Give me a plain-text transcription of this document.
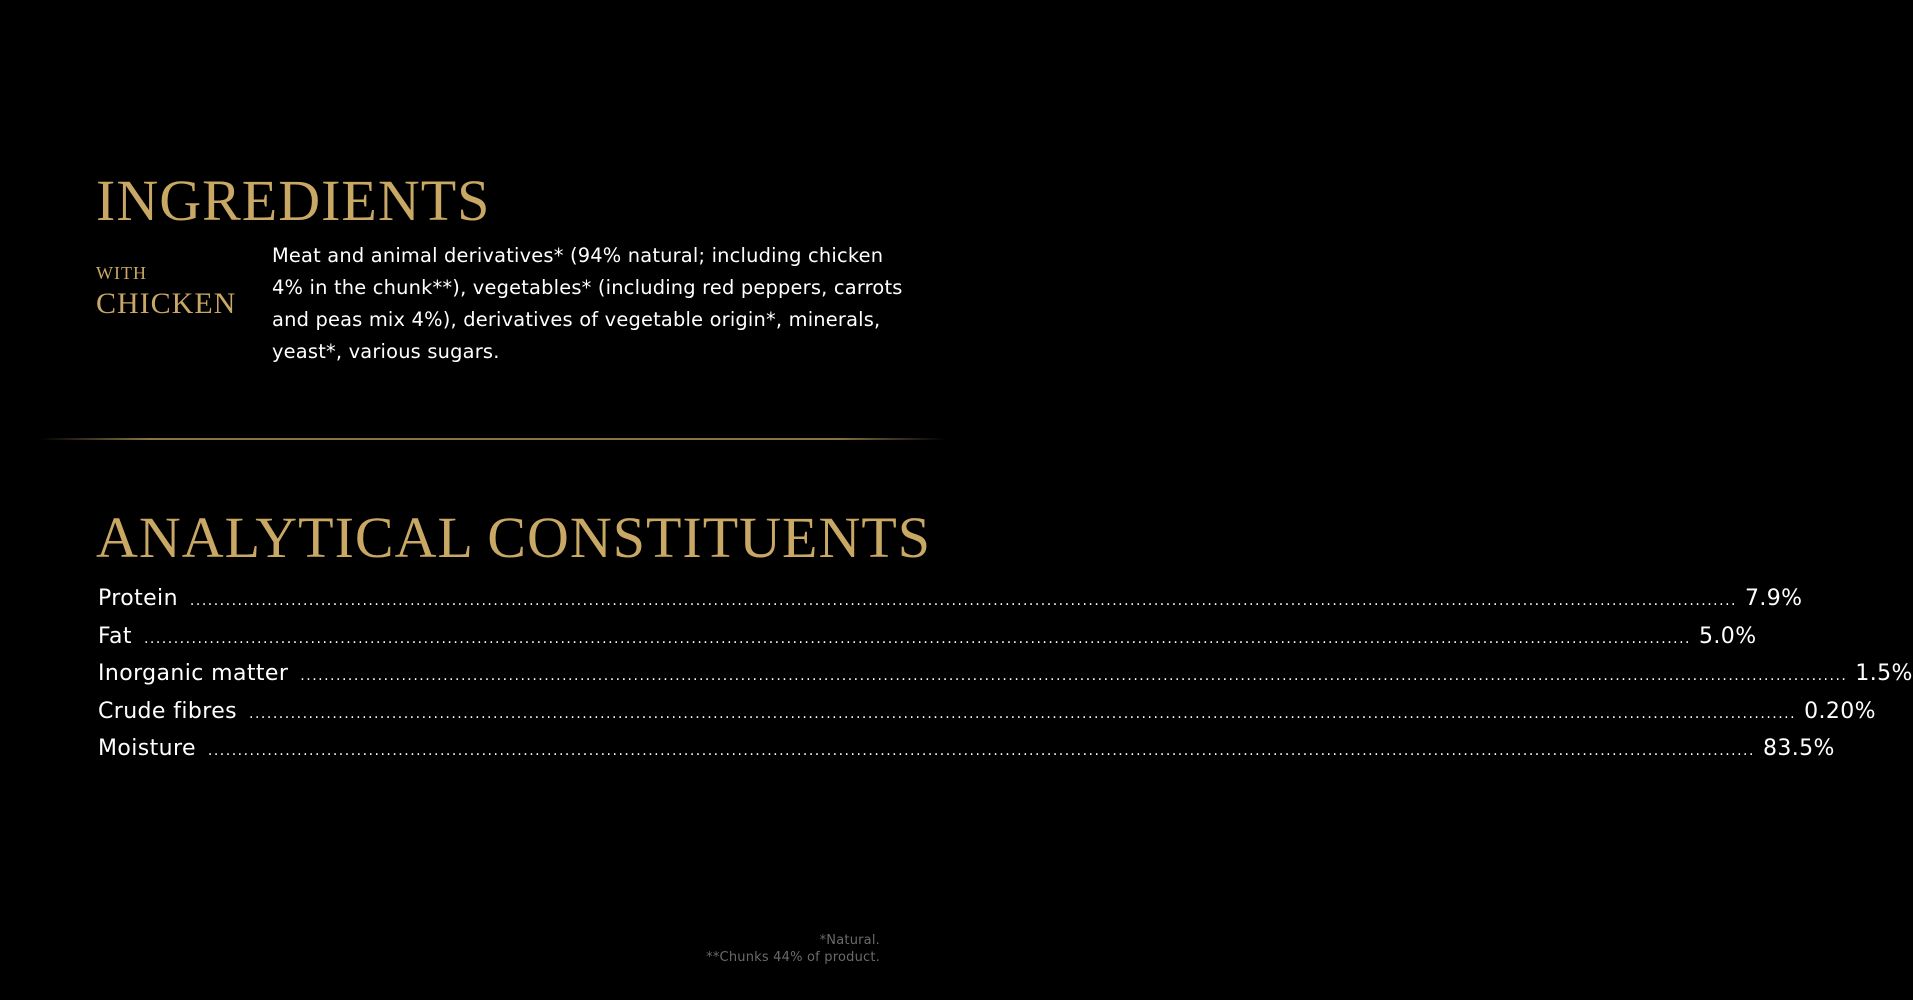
INGREDIENTS
WITH
CHICKEN

Meat and animal derivatives* (94% natural; including chicken 4% in the chunk**), vegetables* (including red peppers, carrots and peas mix 4%), derivatives of vegetable origin*, minerals, yeast*, various sugars.

ANALYTICAL CONSTITUENTS
Protein .................................................................................................................................................................................................................................................................... 7.9%
Fat .................................................................................................................................................................................................................................................................... 5.0%
Inorganic matter .................................................................................................................................................................................................................................................................... 1.5%
Crude fibres .................................................................................................................................................................................................................................................................... 0.20%
Moisture .................................................................................................................................................................................................................................................................... 83.5%
*Natural.
**Chunks 44% of product.
